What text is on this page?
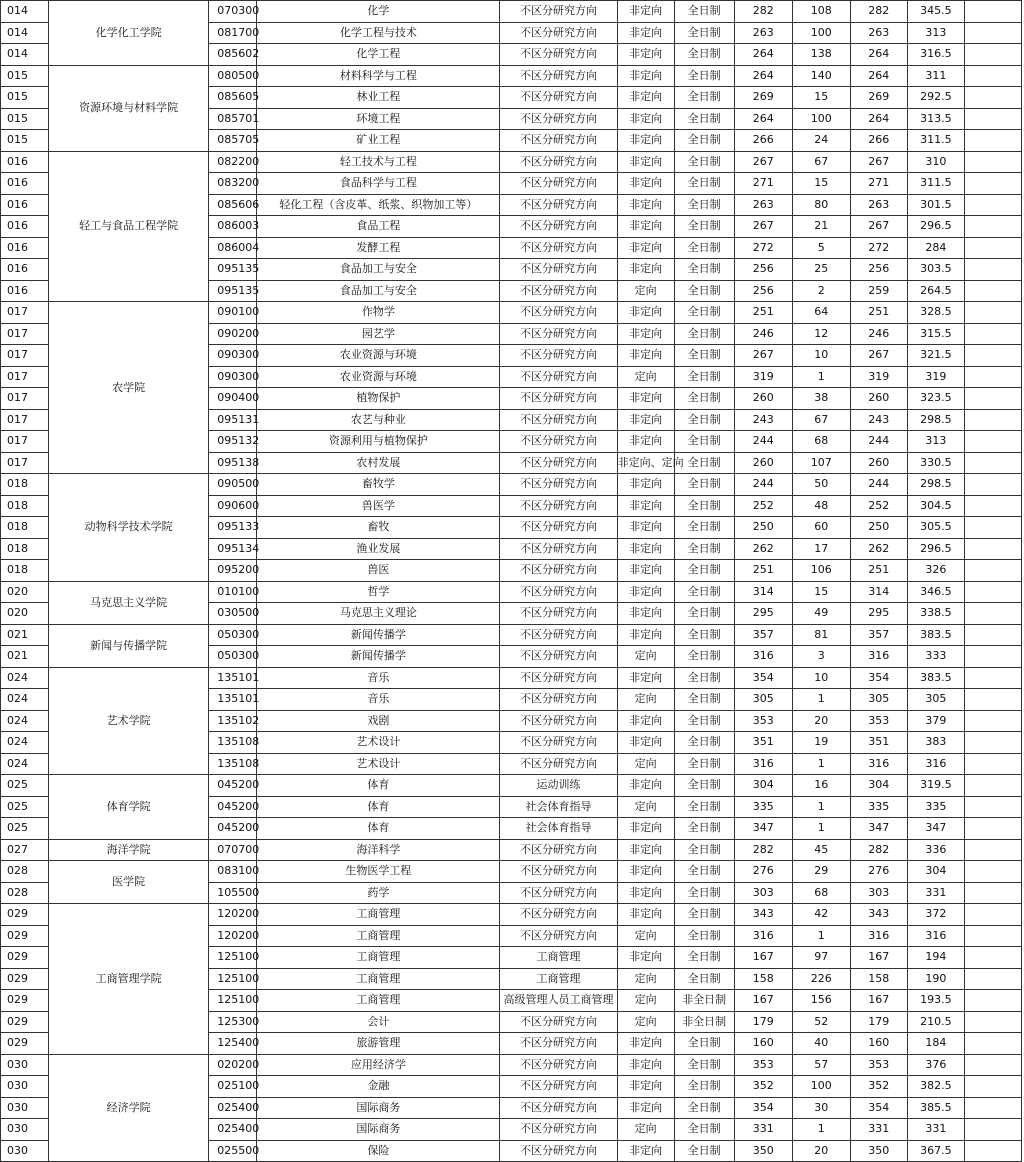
014	化学化工学院	070300	化学	不区分研究方向	非定向	全日制	282	108	282	345.5	
014		081700	化学工程与技术	不区分研究方向	非定向	全日制	263	100	263	313	
014		085602	化学工程	不区分研究方向	非定向	全日制	264	138	264	316.5	
015	资源环境与材料学院	080500	材料科学与工程	不区分研究方向	非定向	全日制	264	140	264	311	
015		085605	林业工程	不区分研究方向	非定向	全日制	269	15	269	292.5	
015		085701	环境工程	不区分研究方向	非定向	全日制	264	100	264	313.5	
015		085705	矿业工程	不区分研究方向	非定向	全日制	266	24	266	311.5	
016	轻工与食品工程学院	082200	轻工技术与工程	不区分研究方向	非定向	全日制	267	67	267	310	
016		083200	食品科学与工程	不区分研究方向	非定向	全日制	271	15	271	311.5	
016		085606	轻化工程（含皮革、纸浆、织物加工等）	不区分研究方向	非定向	全日制	263	80	263	301.5	
016		086003	食品工程	不区分研究方向	非定向	全日制	267	21	267	296.5	
016		086004	发酵工程	不区分研究方向	非定向	全日制	272	5	272	284	
016		095135	食品加工与安全	不区分研究方向	非定向	全日制	256	25	256	303.5	
016		095135	食品加工与安全	不区分研究方向	定向	全日制	256	2	259	264.5	
017	农学院	090100	作物学	不区分研究方向	非定向	全日制	251	64	251	328.5	
017		090200	园艺学	不区分研究方向	非定向	全日制	246	12	246	315.5	
017		090300	农业资源与环境	不区分研究方向	非定向	全日制	267	10	267	321.5	
017		090300	农业资源与环境	不区分研究方向	定向	全日制	319	1	319	319	
017		090400	植物保护	不区分研究方向	非定向	全日制	260	38	260	323.5	
017		095131	农艺与种业	不区分研究方向	非定向	全日制	243	67	243	298.5	
017		095132	资源利用与植物保护	不区分研究方向	非定向	全日制	244	68	244	313	
017		095138	农村发展	不区分研究方向	非定向、定向	全日制	260	107	260	330.5	
018	动物科学技术学院	090500	畜牧学	不区分研究方向	非定向	全日制	244	50	244	298.5	
018		090600	兽医学	不区分研究方向	非定向	全日制	252	48	252	304.5	
018		095133	畜牧	不区分研究方向	非定向	全日制	250	60	250	305.5	
018		095134	渔业发展	不区分研究方向	非定向	全日制	262	17	262	296.5	
018		095200	兽医	不区分研究方向	非定向	全日制	251	106	251	326	
020	马克思主义学院	010100	哲学	不区分研究方向	非定向	全日制	314	15	314	346.5	
020		030500	马克思主义理论	不区分研究方向	非定向	全日制	295	49	295	338.5	
021	新闻与传播学院	050300	新闻传播学	不区分研究方向	非定向	全日制	357	81	357	383.5	
021		050300	新闻传播学	不区分研究方向	定向	全日制	316	3	316	333	
024	艺术学院	135101	音乐	不区分研究方向	非定向	全日制	354	10	354	383.5	
024		135101	音乐	不区分研究方向	定向	全日制	305	1	305	305	
024		135102	戏剧	不区分研究方向	非定向	全日制	353	20	353	379	
024		135108	艺术设计	不区分研究方向	非定向	全日制	351	19	351	383	
024		135108	艺术设计	不区分研究方向	定向	全日制	316	1	316	316	
025	体育学院	045200	体育	运动训练	非定向	全日制	304	16	304	319.5	
025		045200	体育	社会体育指导	定向	全日制	335	1	335	335	
025		045200	体育	社会体育指导	非定向	全日制	347	1	347	347	
027	海洋学院	070700	海洋科学	不区分研究方向	非定向	全日制	282	45	282	336	
028	医学院	083100	生物医学工程	不区分研究方向	非定向	全日制	276	29	276	304	
028		105500	药学	不区分研究方向	非定向	全日制	303	68	303	331	
029	工商管理学院	120200	工商管理	不区分研究方向	非定向	全日制	343	42	343	372	
029		120200	工商管理	不区分研究方向	定向	全日制	316	1	316	316	
029		125100	工商管理	工商管理	非定向	全日制	167	97	167	194	
029		125100	工商管理	工商管理	定向	全日制	158	226	158	190	
029		125100	工商管理	高级管理人员工商管理	定向	非全日制	167	156	167	193.5	
029		125300	会计	不区分研究方向	定向	非全日制	179	52	179	210.5	
029		125400	旅游管理	不区分研究方向	非定向	全日制	160	40	160	184	
030	经济学院	020200	应用经济学	不区分研究方向	非定向	全日制	353	57	353	376	
030		025100	金融	不区分研究方向	非定向	全日制	352	100	352	382.5	
030		025400	国际商务	不区分研究方向	非定向	全日制	354	30	354	385.5	
030		025400	国际商务	不区分研究方向	定向	全日制	331	1	331	331	
030		025500	保险	不区分研究方向	非定向	全日制	350	20	350	367.5	
